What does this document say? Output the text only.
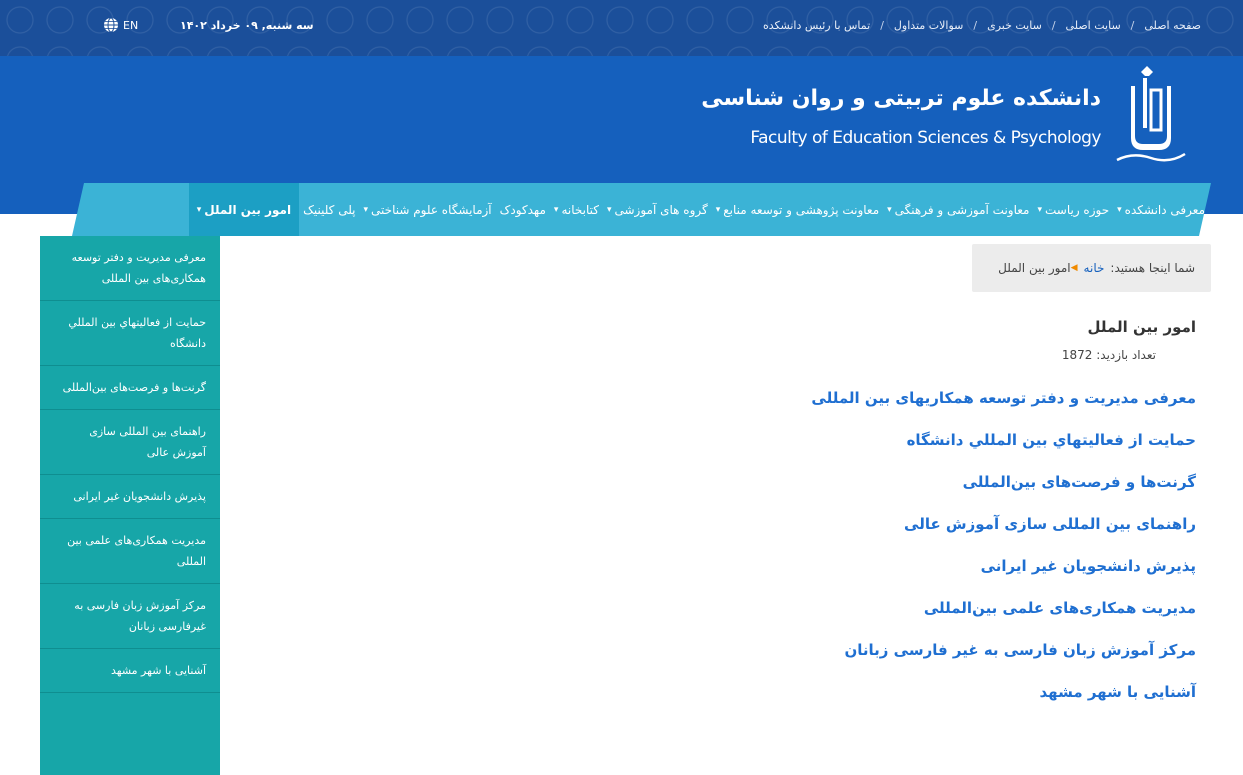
صفحه اصلی
/
سایت اصلی
/
سایت خبری
/
سوالات متداول
/
تماس با رئیس دانشکده
سه شنبه, ۰۹ خرداد ۱۴۰۲
EN
دانشکده علوم تربیتی و روان شناسی
Faculty of Education Sciences & Psychology
معرفی دانشکده
▾
حوزه ریاست
▾
معاونت آموزشی و فرهنگی
▾
معاونت پژوهشی و توسعه منابع
▾
گروه های آموزشی
▾
کتابخانه
▾
مهدکودک
آزمایشگاه علوم شناختی
▾
پلی کلینیک
امور بین الملل
▾
معرفی مدیریت و دفتر توسعه همکاری‌های بین المللی
حمايت از فعاليتهاي بين المللي دانشگاه
گرنت‌ها و فرصت‌های بین‌المللی
راهنمای بین المللی سازی آموزش عالی
پذیرش دانشجویان غیر ایرانی
مدیریت همکاری‌های علمی بین المللی
مرکز آموزش زبان فارسی به غیرفارسی زبانان
آشنایی با شهر مشهد
شما اینجا هستید:
خانه
◀
امور بین الملل
امور بین الملل
تعداد بازدید: 1872
معرفی مدیریت و دفتر توسعه همکاریهای بین المللی
حمایت از فعالیتهاي بين المللي دانشگاه
گرنت‌ها و فرصت‌های بین‌المللی
راهنمای بین المللی سازی آموزش عالی
پذیرش دانشجویان غیر ایرانی
مدیریت همکاری‌های علمی بین‌المللی
مرکز آموزش زبان فارسی به غیر فارسی زبانان
آشنایی با شهر مشهد
